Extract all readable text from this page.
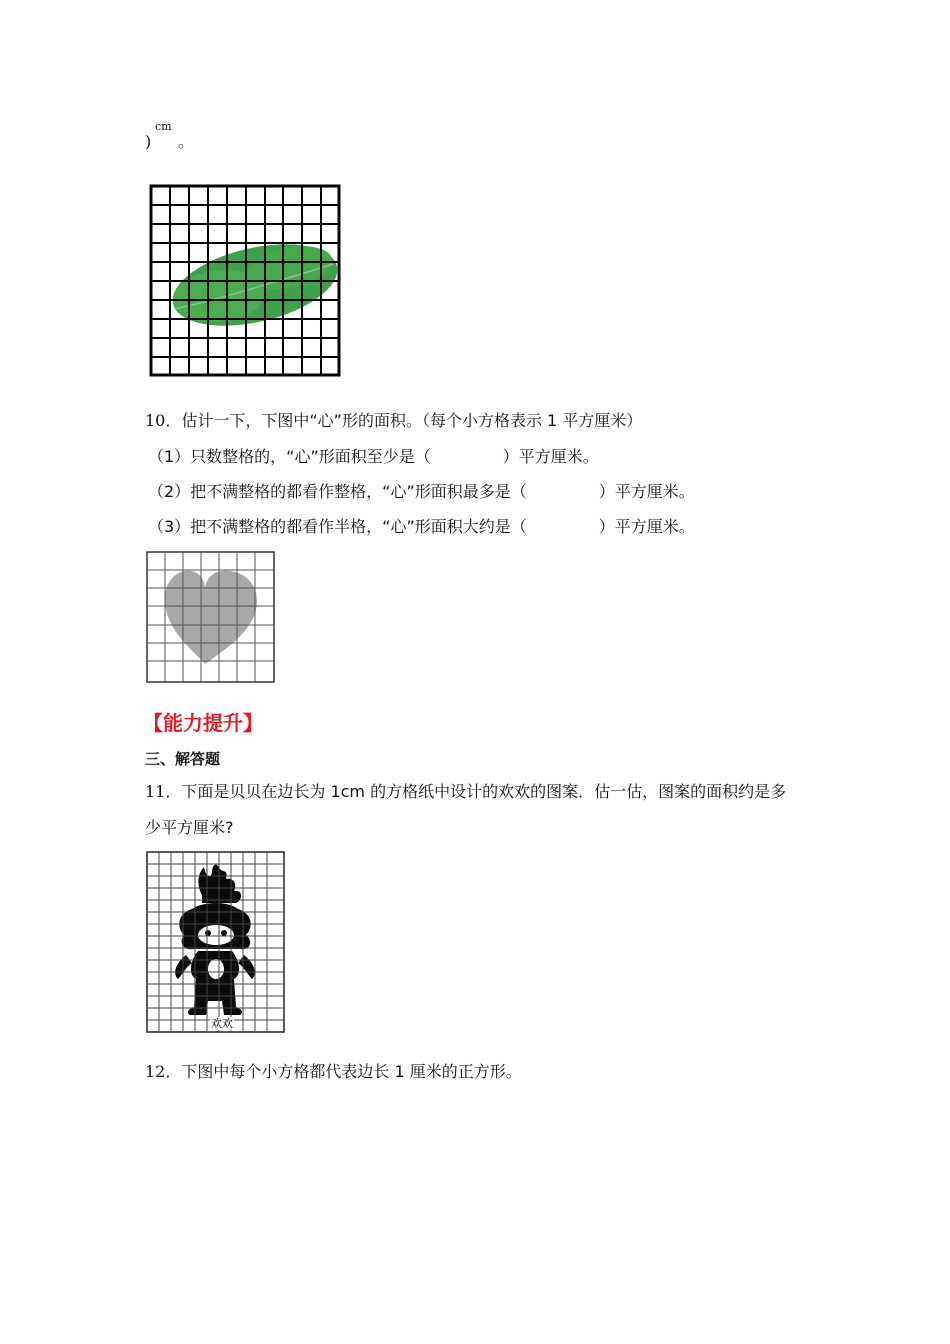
)
cm
。
10．估计一下，下图中“心”形的面积。（每个小方格表示 1 平方厘米）
（1）只数整格的，“心”形面积至少是（	）平方厘米。
（2）把不满整格的都看作整格，“心”形面积最多是（	）平方厘米。
（3）把不满整格的都看作半格，“心”形面积大约是（	）平方厘米。
【能力提升】
三、解答题
11．下面是贝贝在边长为 1cm 的方格纸中设计的欢欢的图案．估一估，图案的面积约是多
少平方厘米?
欢欢
12．下图中每个小方格都代表边长 1 厘米的正方形。
